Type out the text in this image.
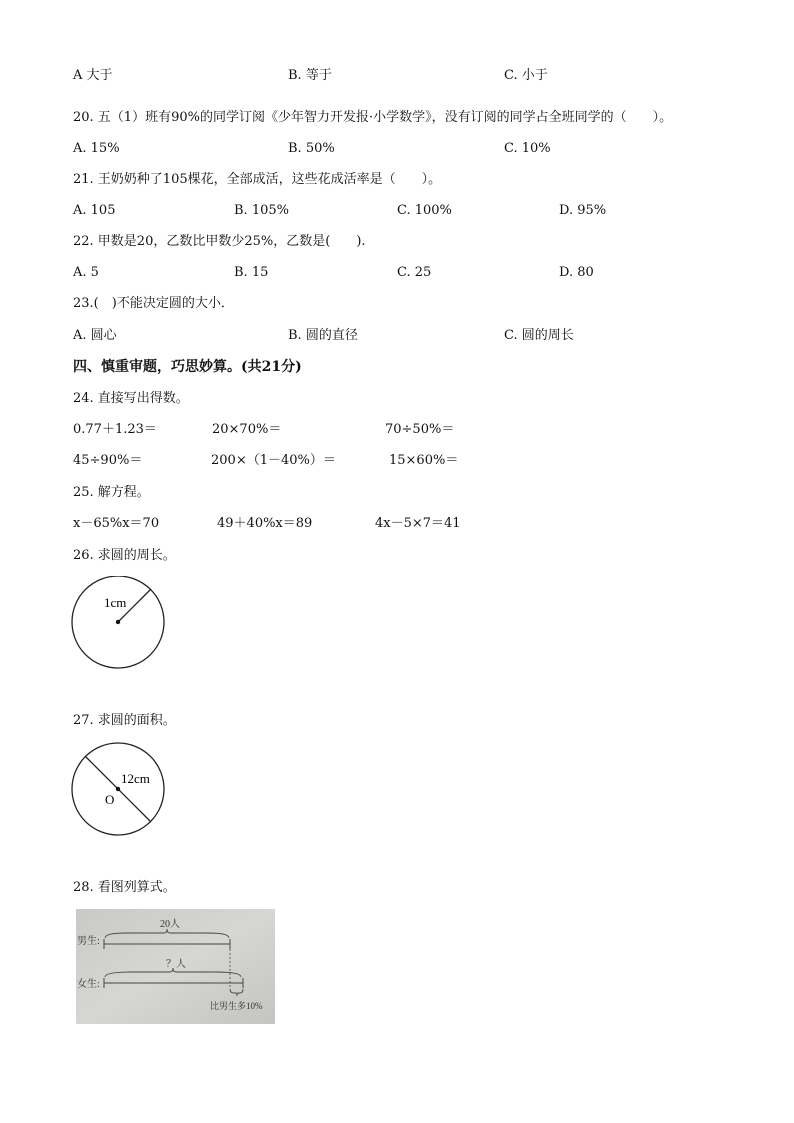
A 大于	B. 等于	C. 小于
20. 五（1）班有90%的同学订阅《少年智力开发报·小学数学》，没有订阅的同学占全班同学的（　　）。
A. 15%	B. 50%	C. 10%
21. 王奶奶种了105棵花，全部成活，这些花成活率是（　　）。
A. 105	B. 105%	C. 100%	D. 95%
22. 甲数是20，乙数比甲数少25%，乙数是(　　).
A. 5	B. 15	C. 25	D. 80
23.(　)不能决定圆的大小．
A. 圆心	B. 圆的直径	C. 圆的周长
四、慎重审题，巧思妙算。(共21分)
24. 直接写出得数。
0.77＋1.23＝	20×70%＝	70÷50%＝
45÷90%＝	200×（1－40%）＝	15×60%＝
25. 解方程。
x－65%x＝70	49＋40%x＝89	4x－5×7＝41
26. 求圆的周长。
1cm
27. 求圆的面积。
12cm
O
28. 看图列算式。
男生:
20人
女生:
？人
比男生多10%
